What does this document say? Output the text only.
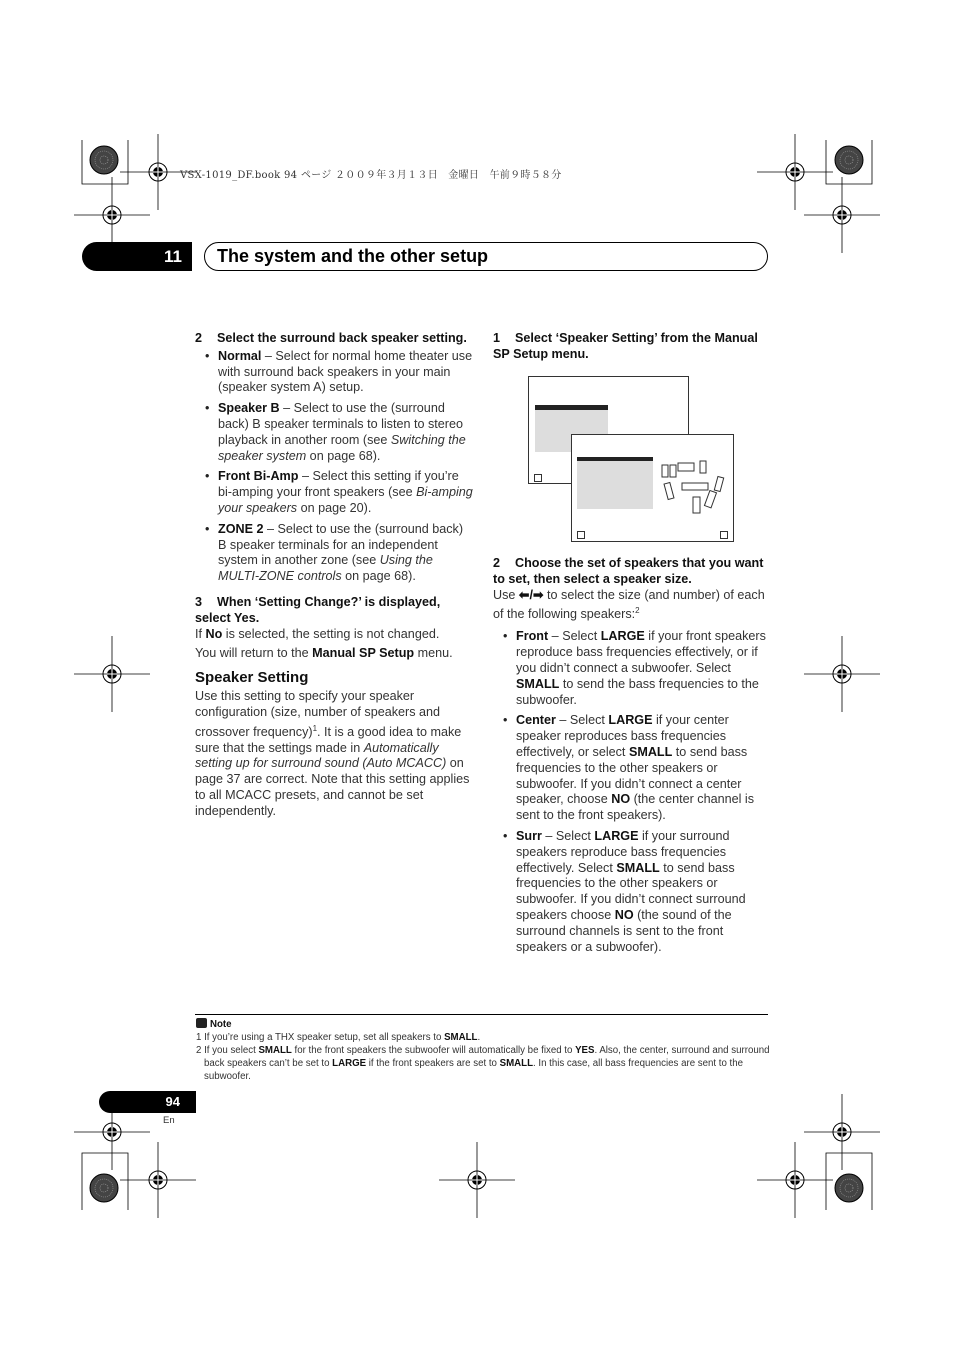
VSX-1019_DF.book 94 ページ ２００９年３月１３日　金曜日　午前９時５８分
11	The system and the other setup

2 Select the surround back speaker setting.

• Normal – Select for normal home theater use with surround back speakers in your main (speaker system A) setup.
• Speaker B – Select to use the (surround back) B speaker terminals to listen to stereo playback in another room (see Switching the speaker system on page 68).
• Front Bi-Amp – Select this setting if you’re bi-amping your front speakers (see Bi-amping your speakers on page 20).
• ZONE 2 – Select to use the (surround back) B speaker terminals for an independent system in another zone (see Using the MULTI-ZONE controls on page 68).

3 When ‘Setting Change?’ is displayed, select Yes.

If No is selected, the setting is not changed.

You will return to the Manual SP Setup menu.

Speaker Setting

Use this setting to specify your speaker configuration (size, number of speakers and crossover frequency)$^1$. It is a good idea to make sure that the settings made in Automatically setting up for surround sound (Auto MCACC) on page 37 are correct. Note that this setting applies to all MCACC presets, and cannot be set independently.

1 Select ‘Speaker Setting’ from the Manual SP Setup menu.

2 Choose the set of speakers that you want to set, then select a speaker size.

Use ⬅/➡ to select the size (and number) of each of the following speakers:$^2$

• Front – Select LARGE if your front speakers reproduce bass frequencies effectively, or if you didn’t connect a subwoofer. Select SMALL to send the bass frequencies to the subwoofer.
• Center – Select LARGE if your center speaker reproduces bass frequencies effectively, or select SMALL to send bass frequencies to the other speakers or subwoofer. If you didn’t connect a center speaker, choose NO (the center channel is sent to the front speakers).
• Surr – Select LARGE if your surround speakers reproduce bass frequencies effectively. Select SMALL to send bass frequencies to the other speakers or subwoofer. If you didn’t connect surround speakers choose NO (the sound of the surround channels is sent to the front speakers or a subwoofer).
Note
1 If you’re using a THX speaker setup, set all speakers to SMALL.
2 If you select SMALL for the front speakers the subwoofer will automatically be fixed to YES. Also, the center, surround and surround back speakers can’t be set to LARGE if the front speakers are set to SMALL. In this case, all bass frequencies are sent to the subwoofer.
94
En
